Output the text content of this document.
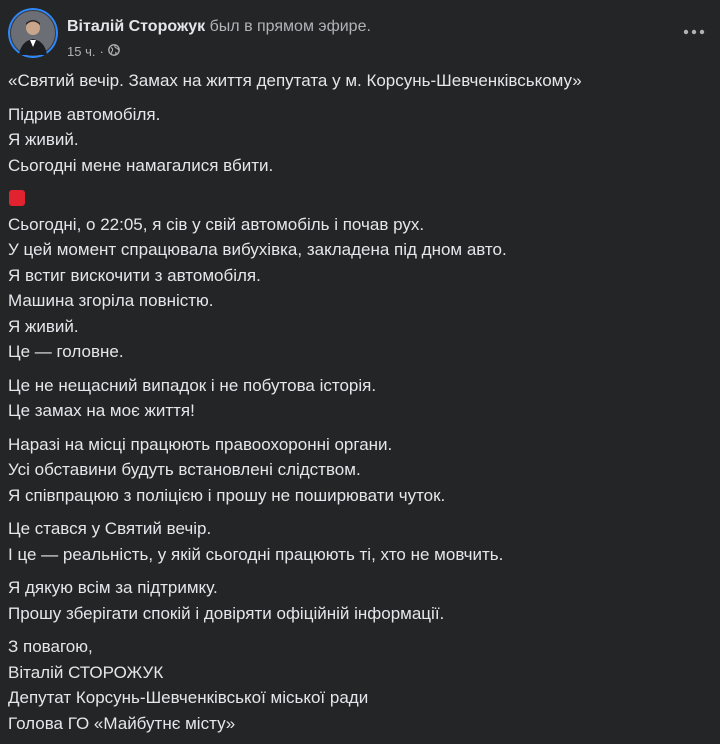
Віталій Сторожук был в прямом эфире.
15 ч. ·
«Святий вечір. Замах на життя депутата у м. Корсунь-Шевченківському»
Підрив автомобіля.
Я живий.
Сьогодні мене намагалися вбити.
Сьогодні, о 22:05, я сів у свій автомобіль і почав рух.
У цей момент спрацювала вибухівка, закладена під дном авто.
Я встиг вискочити з автомобіля.
Машина згоріла повністю.
Я живий.
Це — головне.
Це не нещасний випадок і не побутова історія.
Це замах на моє життя!
Наразі на місці працюють правоохоронні органи.
Усі обставини будуть встановлені слідством.
Я співпрацюю з поліцією і прошу не поширювати чуток.
Це стався у Святий вечір.
І це — реальність, у якій сьогодні працюють ті, хто не мовчить.
Я дякую всім за підтримку.
Прошу зберігати спокій і довіряти офіційній інформації.
З повагою,
Віталій СТОРОЖУК
Депутат Корсунь-Шевченківської міської ради
Голова ГО «Майбутнє місту»
